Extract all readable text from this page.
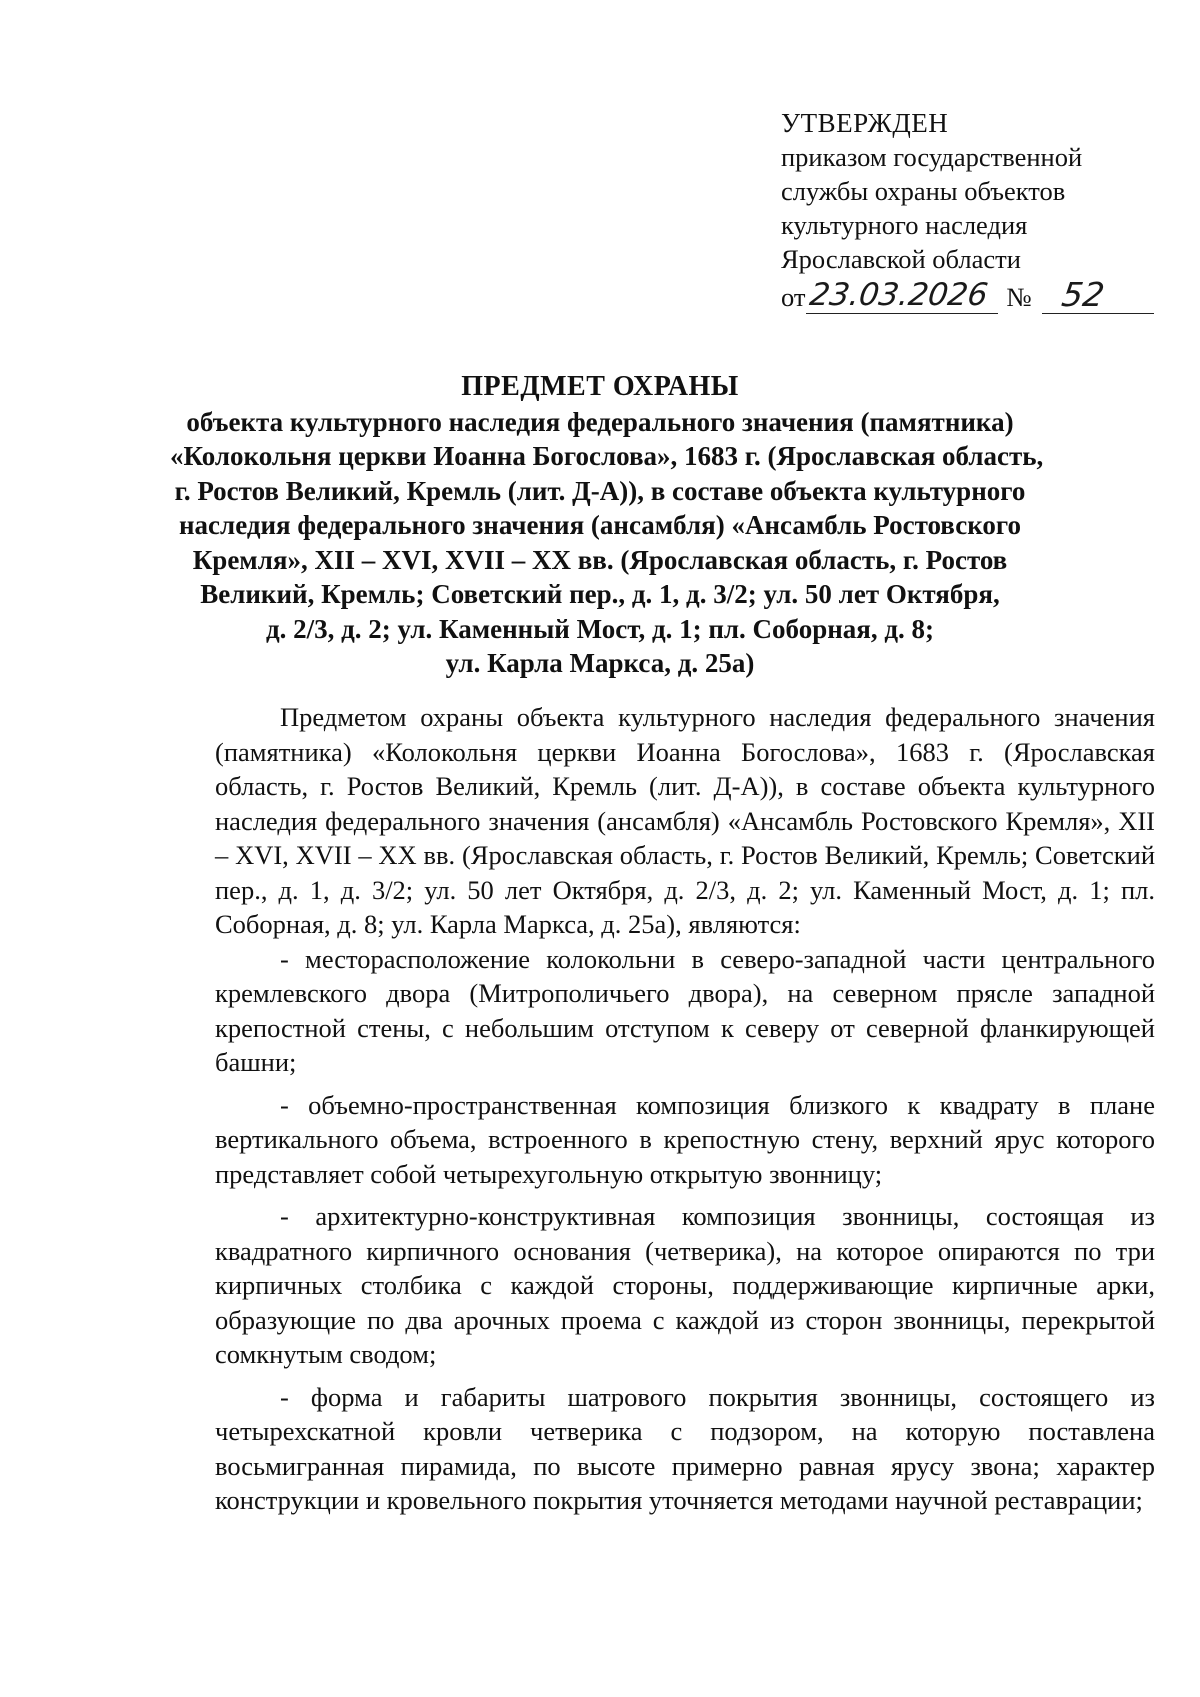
УТВЕРЖДЕН
приказом государственной
службы охраны объектов
культурного наследия
Ярославской области
от 23.03.2026 № 52
ПРЕДМЕТ ОХРАНЫ
объекта культурного наследия федерального значения (памятника)
«Колокольня церкви Иоанна Богослова», 1683 г. (Ярославская область,
г. Ростов Великий, Кремль (лит. Д-А)), в составе объекта культурного
наследия федерального значения (ансамбля) «Ансамбль Ростовского
Кремля», XII – XVI, XVII – XX вв. (Ярославская область, г. Ростов
Великий, Кремль; Советский пер., д. 1, д. 3/2; ул. 50 лет Октября,
д. 2/3, д. 2; ул. Каменный Мост, д. 1; пл. Соборная, д. 8;
ул. Карла Маркса, д. 25а)

Предметом охраны объекта культурного наследия федерального значения (памятника) «Колокольня церкви Иоанна Богослова», 1683 г. (Ярославская область, г. Ростов Великий, Кремль (лит. Д-А)), в составе объекта культурного наследия федерального значения (ансамбля) «Ансамбль Ростовского Кремля», XII – XVI, XVII – XX вв. (Ярославская область, г. Ростов Великий, Кремль; Советский пер., д. 1, д. 3/2; ул. 50 лет Октября, д. 2/3, д. 2; ул. Каменный Мост, д. 1; пл. Соборная, д. 8; ул. Карла Маркса, д. 25а), являются:

- месторасположение колокольни в северо-западной части центрального кремлевского двора (Митрополичьего двора), на северном прясле западной крепостной стены, с небольшим отступом к северу от северной фланкирующей башни;

- объемно-пространственная композиция близкого к квадрату в плане вертикального объема, встроенного в крепостную стену, верхний ярус которого представляет собой четырехугольную открытую звонницу;

- архитектурно-конструктивная композиция звонницы, состоящая из квадратного кирпичного основания (четверика), на которое опираются по три кирпичных столбика с каждой стороны, поддерживающие кирпичные арки, образующие по два арочных проема с каждой из сторон звонницы, перекрытой сомкнутым сводом;

- форма и габариты шатрового покрытия звонницы, состоящего из четырехскатной кровли четверика с подзором, на которую поставлена восьмигранная пирамида, по высоте примерно равная ярусу звона; характер конструкции и кровельного покрытия уточняется методами научной реставрации;
